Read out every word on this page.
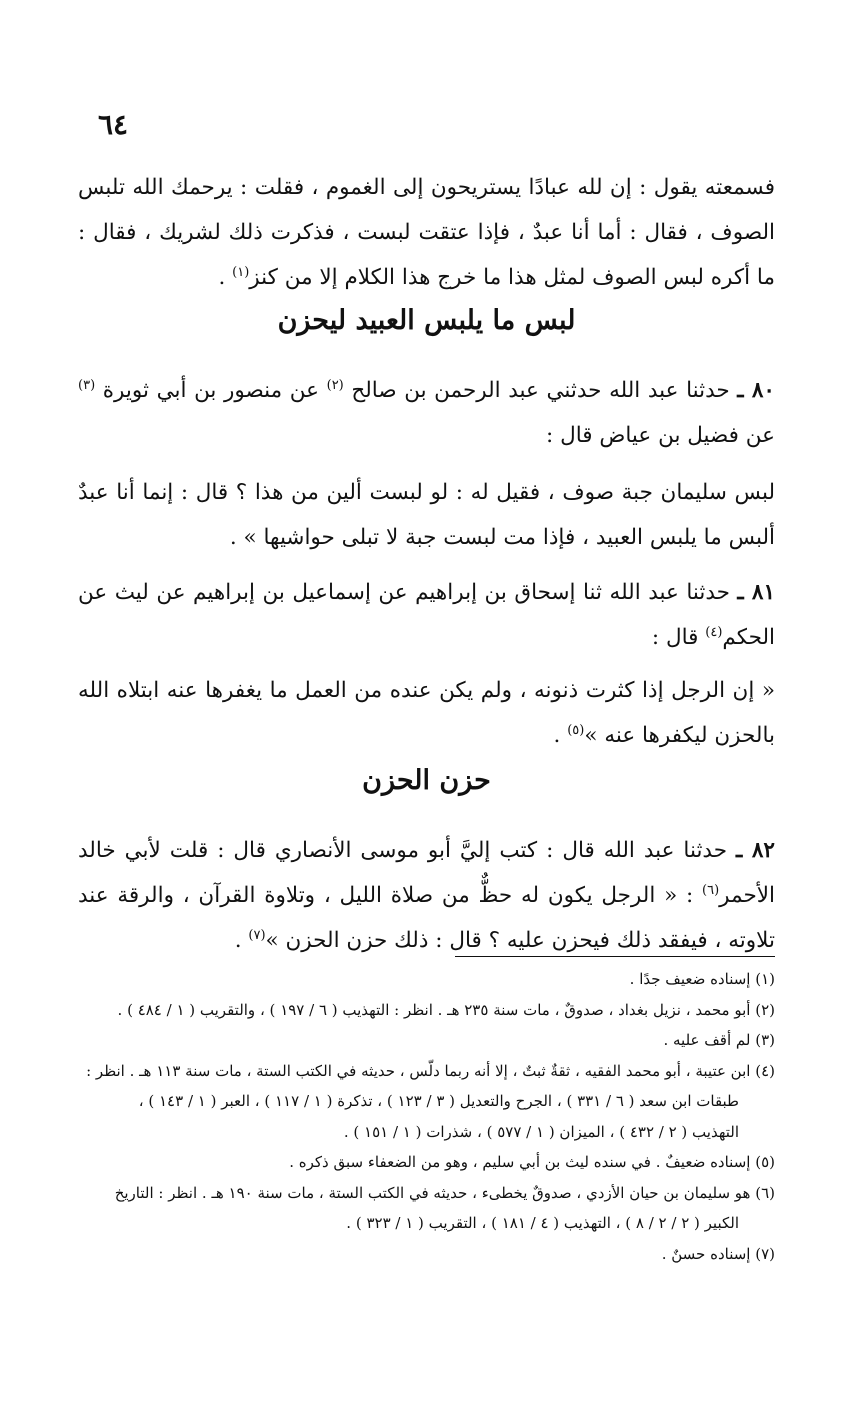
٦٤

فسمعته يقول : إن لله عبادًا يستريحون إلى الغموم ، فقلت : يرحمك الله تلبس الصوف ، فقال : أما أنا عبدٌ ، فإذا عتقت لبست ، فذكرت ذلك لشريك ، فقال : ما أكره لبس الصوف لمثل هذا ما خرج هذا الكلام إلا من كنز$^{(١)}$ .

لبس ما يلبس العبيد ليحزن

٨٠ ـ حدثنا عبد الله حدثني عبد الرحمن بن صالح $^{(٢)}$ عن منصور بن أبي ثويرة $^{(٣)}$ عن فضيل بن عياض قال :

لبس سليمان جبة صوف ، فقيل له : لو لبست ألين من هذا ؟ قال : إنما أنا عبدٌ ألبس ما يلبس العبيد ، فإذا مت لبست جبة لا تبلى حواشيها » .

٨١ ـ حدثنا عبد الله ثنا إسحاق بن إبراهيم عن إسماعيل بن إبراهيم عن ليث عن الحكم$^{(٤)}$ قال :

« إن الرجل إذا كثرت ذنونه ، ولم يكن عنده من العمل ما يغفرها عنه ابتلاه الله بالحزن ليكفرها عنه »$^{(٥)}$ .

حزن الحزن

٨٢ ـ حدثنا عبد الله قال : كتب إليَّ أبو موسى الأنصاري قال : قلت لأبي خالد الأحمر$^{(٦)}$ : « الرجل يكون له حظٌّ من صلاة الليل ، وتلاوة القرآن ، والرقة عند تلاوته ، فيفقد ذلك فيحزن عليه ؟ قال : ذلك حزن الحزن »$^{(٧)}$ .

(١) إسناده ضعيف جدًا .

(٢) أبو محمد ، نزيل بغداد ، صدوقٌ ، مات سنة ٢٣٥ هـ . انظر : التهذيب ( ٦ / ١٩٧ ) ، والتقريب ( ١ / ٤٨٤ ) .

(٣) لم أقف عليه .

(٤) ابن عتيبة ، أبو محمد الفقيه ، ثقةٌ ثبتٌ ، إلا أنه ربما دلّس ، حديثه في الكتب الستة ، مات سنة ١١٣ هـ . انظر :

طبقات ابن سعد ( ٦ / ٣٣١ ) ، الجرح والتعديل ( ٣ / ١٢٣ ) ، تذكرة ( ١ / ١١٧ ) ، العبر ( ١ / ١٤٣ ) ،

التهذيب ( ٢ / ٤٣٢ ) ، الميزان ( ١ / ٥٧٧ ) ، شذرات ( ١ / ١٥١ ) .

(٥) إسناده ضعيفٌ . في سنده ليث بن أبي سليم ، وهو من الضعفاء سبق ذكره .

(٦) هو سليمان بن حيان الأزدي ، صدوقٌ يخطىء ، حديثه في الكتب الستة ، مات سنة ١٩٠ هـ . انظر : التاريخ

الكبير ( ٢ / ٢ / ٨ ) ، التهذيب ( ٤ / ١٨١ ) ، التقريب ( ١ / ٣٢٣ ) .

(٧) إسناده حسنٌ .
